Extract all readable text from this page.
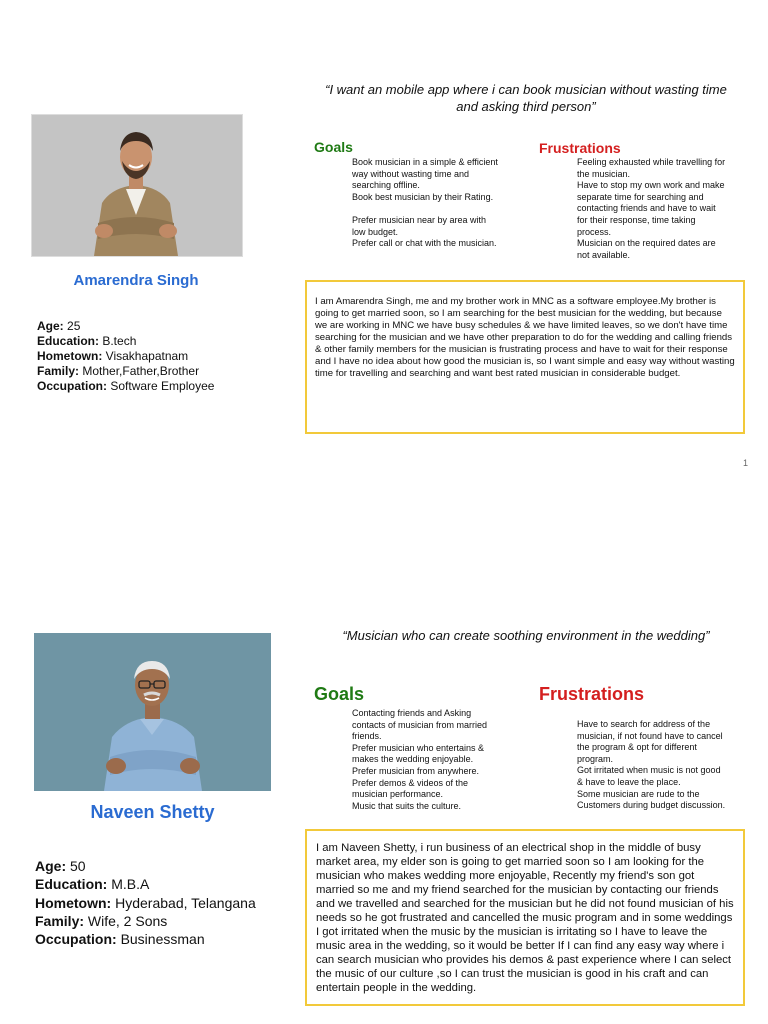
Amarendra Singh
Age: 25
Education: B.tech
Hometown: Visakhapatnam
Family: Mother,Father,Brother
Occupation: Software Employee
“I want an mobile app where i can book musician without wasting time and asking third person”
Goals	Frustrations
Book musician in a simple & efficient
way without wasting time and
searching offline.
Book best musician by their Rating.
Prefer musician near by area with
low budget.
Prefer call or chat with the musician.
Feeling exhausted while travelling for
the musician.
Have to stop my own work and make
separate time for searching and
contacting friends and have to wait
for their response, time taking
process.
Musician on the required dates are
not available.
I am Amarendra Singh, me and my brother work in MNC as a software employee.My brother is going to get married soon, so I am searching for the best musician for the wedding, but because we are working in MNC we have busy schedules & we have limited leaves, so we don't have time searching for the musician and we have other preparation to do for the wedding and calling friends & other family members for the musician is frustrating process and have to wait for their response and I have no idea about how good the musician is, so I want simple and easy way without wasting time for travelling and searching and want best rated musician in considerable budget.
1
Naveen Shetty
Age: 50
Education: M.B.A
Hometown: Hyderabad, Telangana
Family: Wife, 2 Sons
Occupation: Businessman
“Musician who can create soothing environment in the wedding”
Goals	Frustrations
Contacting friends and Asking
contacts of musician from married
friends.
Prefer musician who entertains &
makes the wedding enjoyable.
Prefer musician from anywhere.
Prefer demos & videos of the
musician performance.
Music that suits the culture.
Have to search for address of the
musician, if not found have to cancel
the program & opt for different
program.
Got irritated when music is not good
& have to leave the place.
Some musician are rude to the
Customers during budget discussion.
I am Naveen Shetty, i run business of an electrical shop in the middle of busy market area, my elder son is going to get married soon so I am looking for the musician who makes wedding more enjoyable, Recently my friend's son got married so me and my friend searched for the musician by contacting our friends and we travelled and searched for the musician but he did not found musician of his needs so he got frustrated and cancelled the music program and in some weddings I got irritated when the music by the musician is irritating so I have to leave the music area in the wedding, so it would be better If I can find any easy way where i can search musician who provides his demos & past experience where I can select the music of our culture ,so I can trust the musician is good in his craft and can entertain people in the wedding.
